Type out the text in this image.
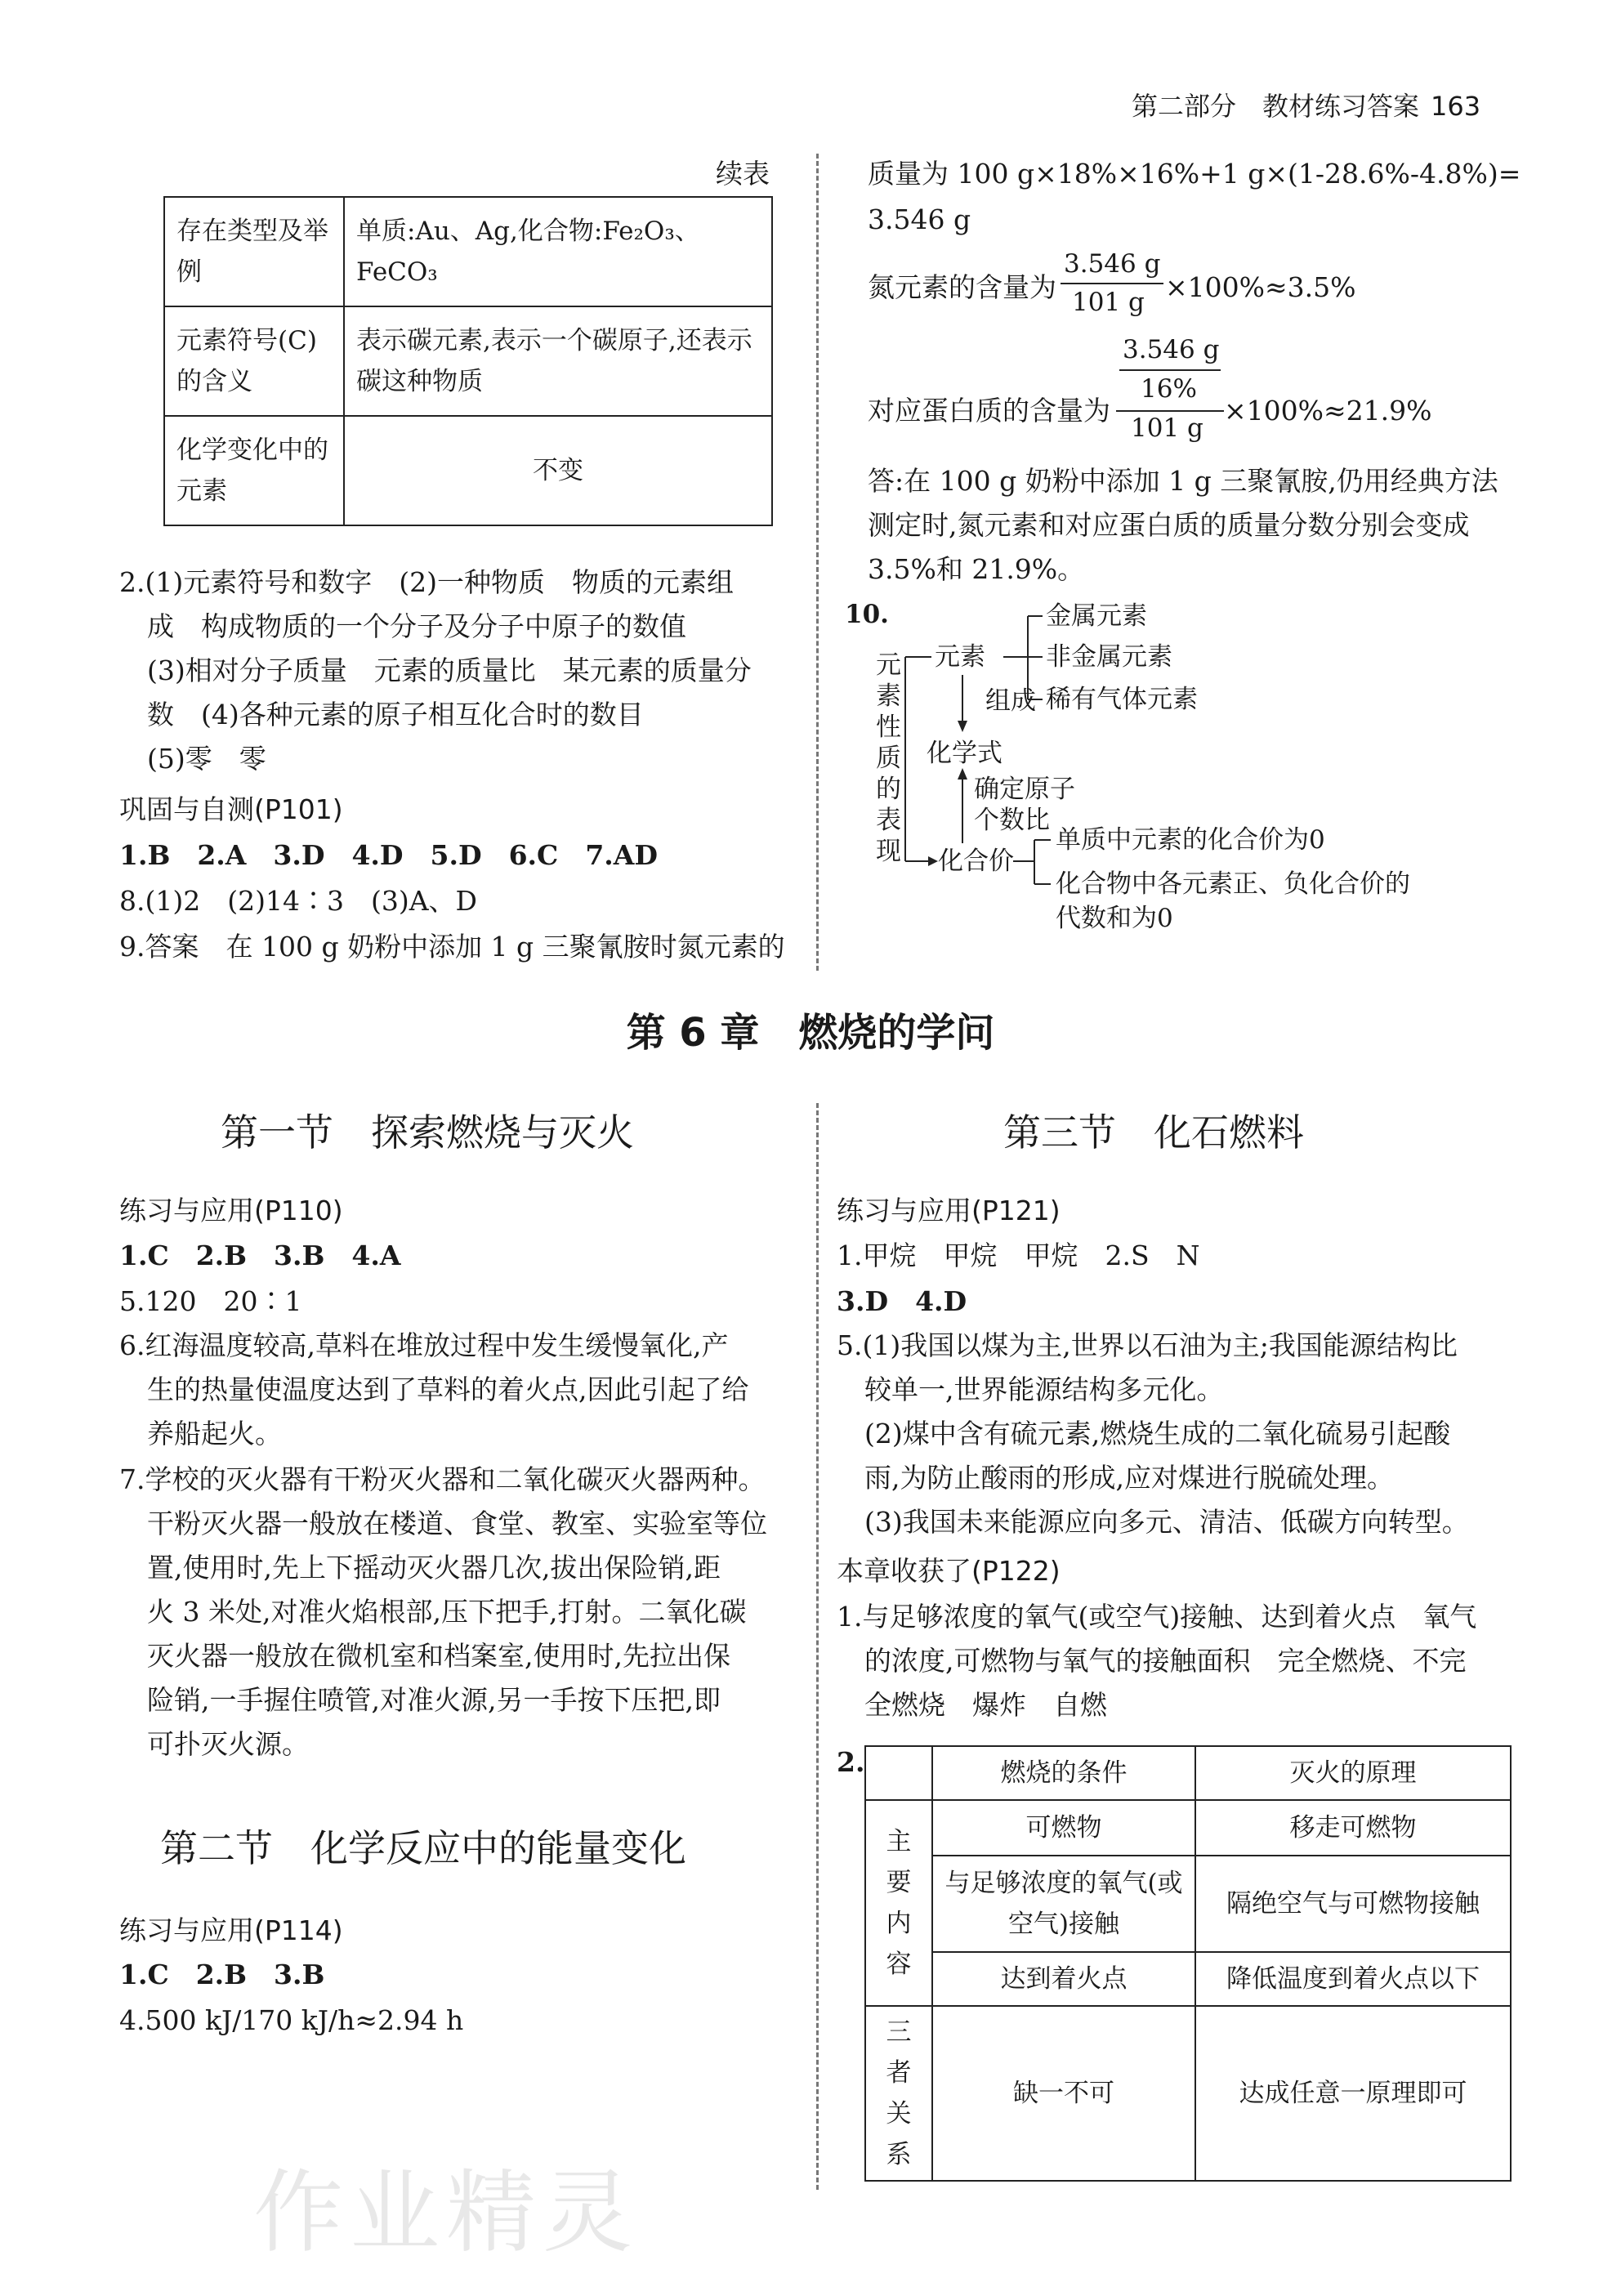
第二部分　教材练习答案 163
续表
存在类型及举例	单质:Au、Ag,化合物:Fe₂O₃、FeCO₃
元素符号(C)的含义	表示碳元素,表示一个碳原子,还表示碳这种物质
化学变化中的元素	不变
2.(1)元素符号和数字　(2)一种物质　物质的元素组
成　构成物质的一个分子及分子中原子的数值
(3)相对分子质量　元素的质量比　某元素的质量分
数　(4)各种元素的原子相互化合时的数目
(5)零　零
巩固与自测(P101)
1.B　2.A　3.D　4.D　5.D　6.C　7.AD
8.(1)2　(2)14∶3　(3)A、D
9.答案　在 100 g 奶粉中添加 1 g 三聚氰胺时氮元素的
质量为 100 g×18%×16%+1 g×(1-28.6%-4.8%)=
3.546 g
氮元素的含量为
3.546 g
101 g ×100%≈3.5%
3.546 g
16%
对应蛋白质的含量为
101 g
×100%≈21.9%
答:在 100 g 奶粉中添加 1 g 三聚氰胺,仍用经典方法
测定时,氮元素和对应蛋白质的质量分数分别会变成
3.5%和 21.9%。
10.
元
素
性
质
的
表
现
元素
金属元素
非金属元素
稀有气体元素
组成
化学式
确定原子
个数比
化合价
单质中元素的化合价为0
化合物中各元素正、负化合价的
代数和为0
第 6 章　燃烧的学问
第一节　探索燃烧与灭火
练习与应用(P110)
1.C　2.B　3.B　4.A
5.120　20∶1
6.红海温度较高,草料在堆放过程中发生缓慢氧化,产
生的热量使温度达到了草料的着火点,因此引起了给
养船起火。
7.学校的灭火器有干粉灭火器和二氧化碳灭火器两种。
干粉灭火器一般放在楼道、食堂、教室、实验室等位
置,使用时,先上下摇动灭火器几次,拔出保险销,距
火 3 米处,对准火焰根部,压下把手,打射。二氧化碳
灭火器一般放在微机室和档案室,使用时,先拉出保
险销,一手握住喷管,对准火源,另一手按下压把,即
可扑灭火源。
第二节　化学反应中的能量变化
练习与应用(P114)
1.C　2.B　3.B
4.500 kJ/170 kJ/h≈2.94 h
第三节　化石燃料
练习与应用(P121)
1.甲烷　甲烷　甲烷　2.S　N
3.D　4.D
5.(1)我国以煤为主,世界以石油为主;我国能源结构比
较单一,世界能源结构多元化。
(2)煤中含有硫元素,燃烧生成的二氧化硫易引起酸
雨,为防止酸雨的形成,应对煤进行脱硫处理。
(3)我国未来能源应向多元、清洁、低碳方向转型。
本章收获了(P122)
1.与足够浓度的氧气(或空气)接触、达到着火点　氧气
的浓度,可燃物与氧气的接触面积　完全燃烧、不完
全燃烧　爆炸　自燃
2.
		燃烧的条件	灭火的原理
主要内容	可燃物	移走可燃物
	与足够浓度的氧气(或空气)接触	隔绝空气与可燃物接触
	达到着火点	降低温度到着火点以下
三者关系	缺一不可	达成任意一原理即可
作业精灵
